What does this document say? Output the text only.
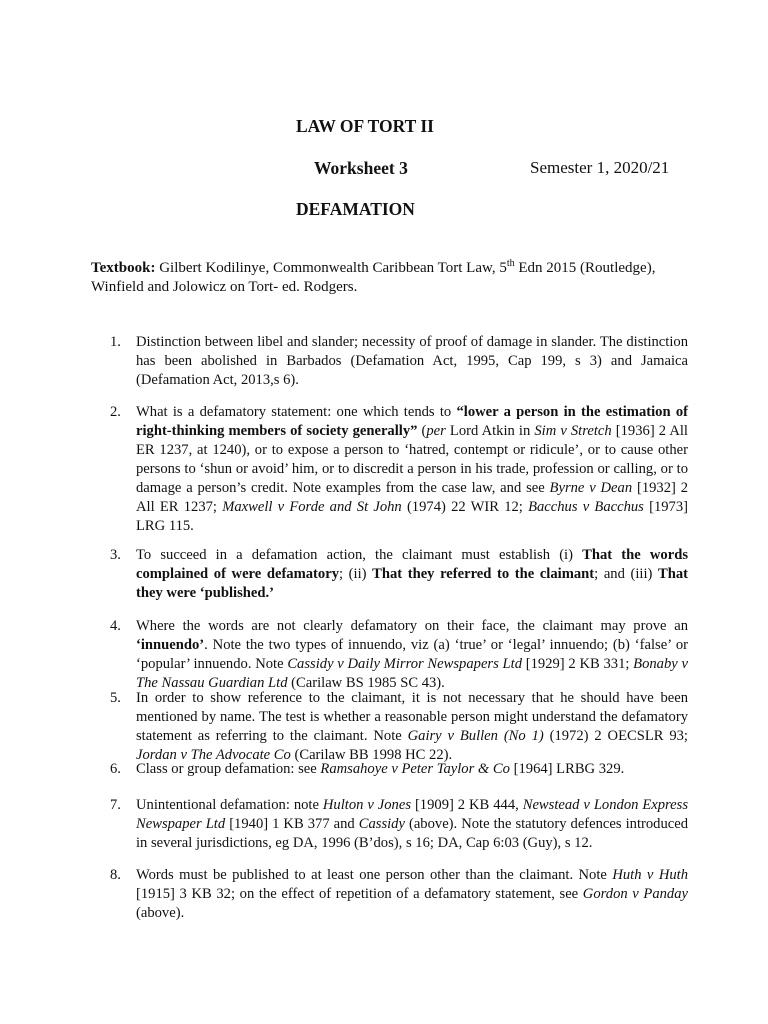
LAW OF TORT II
Worksheet 3	Semester 1, 2020/21
DEFAMATION

Textbook: Gilbert Kodilinye, Commonwealth Caribbean Tort Law, 5th Edn 2015 (Routledge), Winfield and Jolowicz on Tort- ed. Rodgers.

1. Distinction between libel and slander; necessity of proof of damage in slander. The distinction has been abolished in Barbados (Defamation Act, 1995, Cap 199, s 3) and Jamaica (Defamation Act, 2013,s 6).
2. What is a defamatory statement: one which tends to “lower a person in the estimation of right-thinking members of society generally” (per Lord Atkin in Sim v Stretch [1936] 2 All ER 1237, at 1240), or to expose a person to ‘hatred, contempt or ridicule’, or to cause other persons to ‘shun or avoid’ him, or to discredit a person in his trade, profession or calling, or to damage a person’s credit. Note examples from the case law, and see Byrne v Dean [1932] 2 All ER 1237; Maxwell v Forde and St John (1974) 22 WIR 12; Bacchus v Bacchus [1973] LRG 115.
3. To succeed in a defamation action, the claimant must establish (i) That the words complained of were defamatory; (ii) That they referred to the claimant; and (iii) That they were ‘published.’
4. Where the words are not clearly defamatory on their face, the claimant may prove an ‘innuendo’. Note the two types of innuendo, viz (a) ‘true’ or ‘legal’ innuendo; (b) ‘false’ or ‘popular’ innuendo. Note Cassidy v Daily Mirror Newspapers Ltd [1929] 2 KB 331; Bonaby v The Nassau Guardian Ltd (Carilaw BS 1985 SC 43).
5. In order to show reference to the claimant, it is not necessary that he should have been mentioned by name. The test is whether a reasonable person might understand the defamatory statement as referring to the claimant. Note Gairy v Bullen (No 1) (1972) 2 OECSLR 93; Jordan v The Advocate Co (Carilaw BB 1998 HC 22).
6. Class or group defamation: see Ramsahoye v Peter Taylor & Co [1964] LRBG 329.
7. Unintentional defamation: note Hulton v Jones [1909] 2 KB 444, Newstead v London Express Newspaper Ltd [1940] 1 KB 377 and Cassidy (above). Note the statutory defences introduced in several jurisdictions, eg DA, 1996 (B’dos), s 16; DA, Cap 6:03 (Guy), s 12.
8. Words must be published to at least one person other than the claimant. Note Huth v Huth [1915] 3 KB 32; on the effect of repetition of a defamatory statement, see Gordon v Panday (above).
